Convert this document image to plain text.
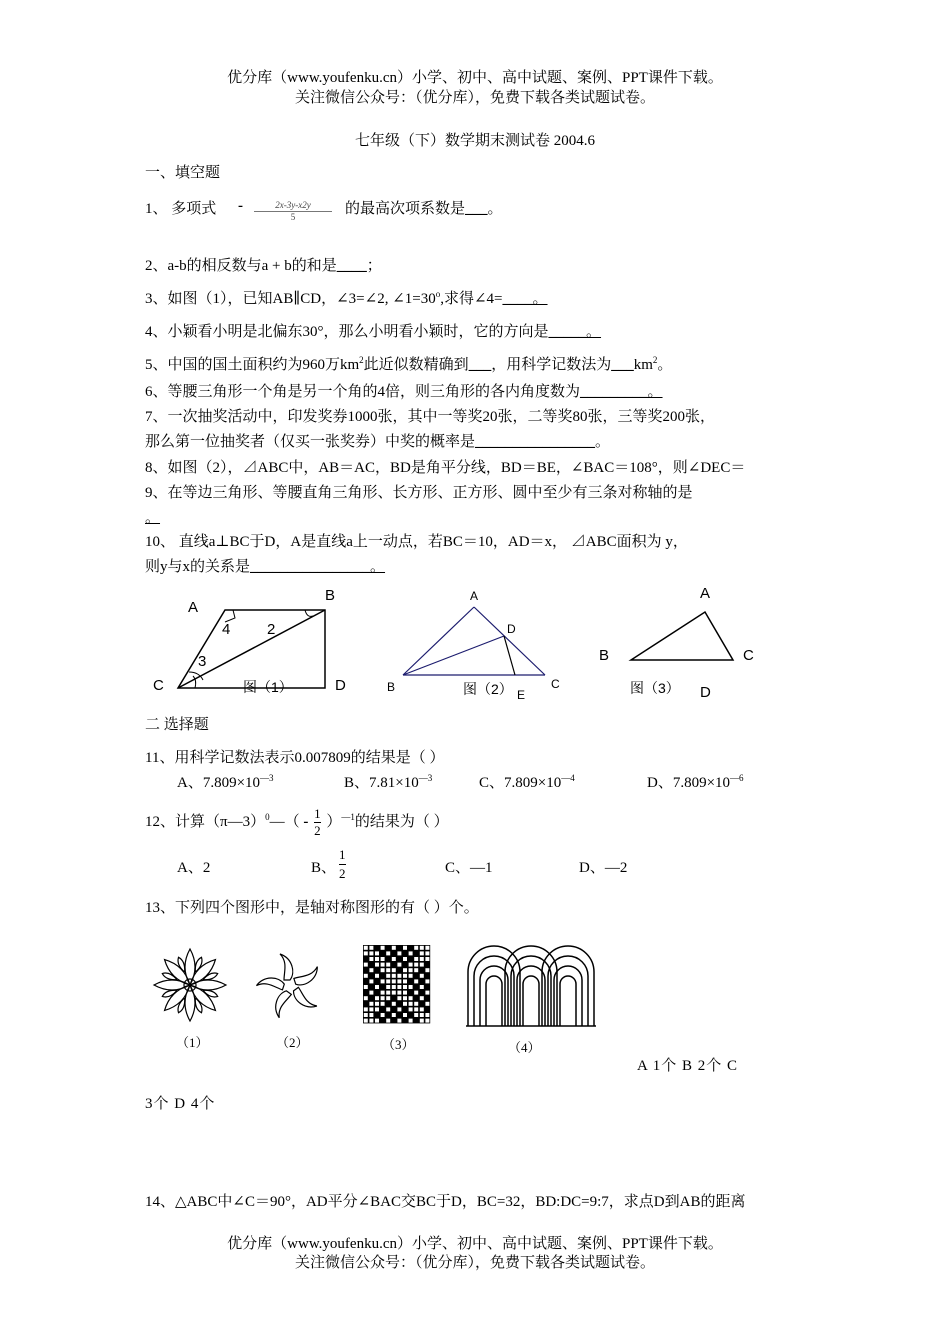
优分库（www.youfenku.cn）小学、初中、高中试题、案例、PPT课件下载。
关注微信公众号：（优分库），免费下载各类试题试卷。
七年级（下）数学期末测试卷 2004.6
一、填空题
1、 多项式 -	2x-3y-x2y
5	的最高次项系数是___。
2、a-b的相反数与a + b的和是____；
3、如图（1），已知AB∥CD，∠3=∠2, $\angle 1=30^o$,求得∠4=____。
4、小颖看小明是北偏东30°，那么小明看小颖时，它的方向是_____。
5、中国的国土面积约为960万$km^2$此近似数精确到___，用科学记数法为$\_\_\_km^2$。
6、等腰三角形一个角是另一个角的4倍，则三角形的各内角度数为_________。
7、一次抽奖活动中，印发奖券1000张，其中一等奖20张，二等奖80张，三等奖200张，
那么第一位抽奖者（仅买一张奖券）中奖的概率是________________。
8、如图（2），⊿ABC中，AB＝AC，BD是角平分线，BD＝BE，∠BAC＝108°，则∠DEC＝
9、在等边三角形、等腰直角三角形、长方形、正方形、圆中至少有三条对称轴的是
。
10、 直线a⊥BC于D，A是直线a上一动点，若BC＝10，AD＝x， ⊿ABC面积为 y，
则y与x的关系是________________。
A
B
C	D
4 2
3
图（1）
A
B	C
D
E
图（2）
A
B	C
D
图（3）
二 选择题
11、用科学记数法表示0.007809的结果是（ ）
A、$7.809\times 10^{—3}$	B、$7.81\times 10^{—3}$	C、$7.809\times 10^{—4}$	D、$7.809\times 10^{—6}$
12、计算（π—3）$^0$—（ - $\frac{1}{2} )^{—1}$的结果为（ ）
A、2	B、
1
2	C、—1	D、—2
13、下列四个图形中，是轴对称图形的有（ ）个。
（1）	（2）	（3）	（4）
A 1个 B 2个 C
3个 D 4个
14、△ABC中∠C＝90°，AD平分∠BAC交BC于D，BC=32，BD:DC=9:7，求点D到AB的距离
优分库（www.youfenku.cn）小学、初中、高中试题、案例、PPT课件下载。
关注微信公众号：（优分库），免费下载各类试题试卷。
